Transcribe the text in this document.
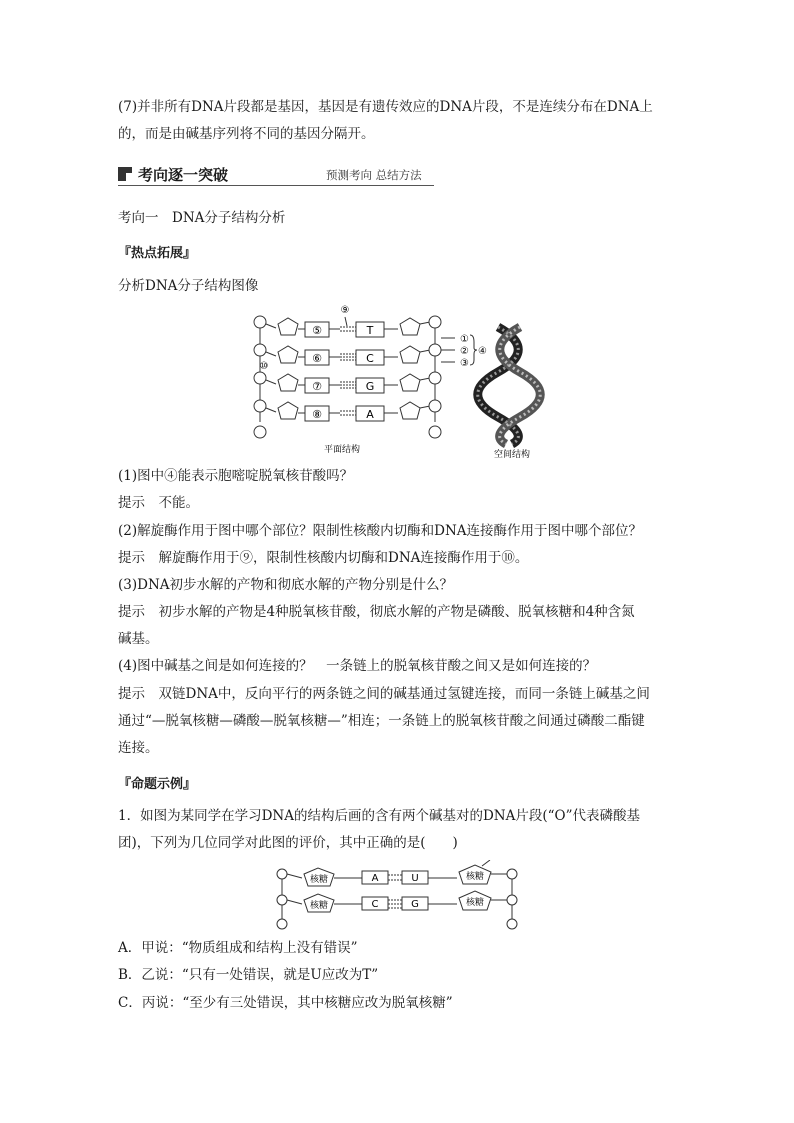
(7)并非所有DNA片段都是基因，基因是有遗传效应的DNA片段，不是连续分布在DNA上
的，而是由碱基序列将不同的基因分隔开。
考向逐一突破	预测考向 总结方法
考向一　DNA分子结构分析
『热点拓展』
分析DNA分子结构图像
⑤	T
⑥	C
⑦	G
⑧	A
⑨
⑩
①
②
③
④
平面结构	空间结构
(1)图中④能表示胞嘧啶脱氧核苷酸吗？
提示　 不能。
(2)解旋酶作用于图中哪个部位？限制性核酸内切酶和DNA连接酶作用于图中哪个部位？
提示　 解旋酶作用于⑨，限制性核酸内切酶和DNA连接酶作用于⑩。
(3)DNA初步水解的产物和彻底水解的产物分别是什么？
提示　 初步水解的产物是4种脱氧核苷酸，彻底水解的产物是磷酸、脱氧核糖和4种含氮
碱基。
(4)图中碱基之间是如何连接的？　一条链上的脱氧核苷酸之间又是如何连接的？
提示　 双链DNA中，反向平行的两条链之间的碱基通过氢键连接，而同一条链上碱基之间
通过“—脱氧核糖—磷酸—脱氧核糖—”相连；一条链上的脱氧核苷酸之间通过磷酸二酯键
连接。
『命题示例』
1．如图为某同学在学习DNA的结构后画的含有两个碱基对的DNA片段(“O”代表磷酸基
团)，下列为几位同学对此图的评价，其中正确的是(　　)
核糖	A	U	核糖
核糖	C	G	核糖
A．甲说：“物质组成和结构上没有错误”
B．乙说：“只有一处错误，就是U应改为T”
C．丙说：“至少有三处错误，其中核糖应改为脱氧核糖”
